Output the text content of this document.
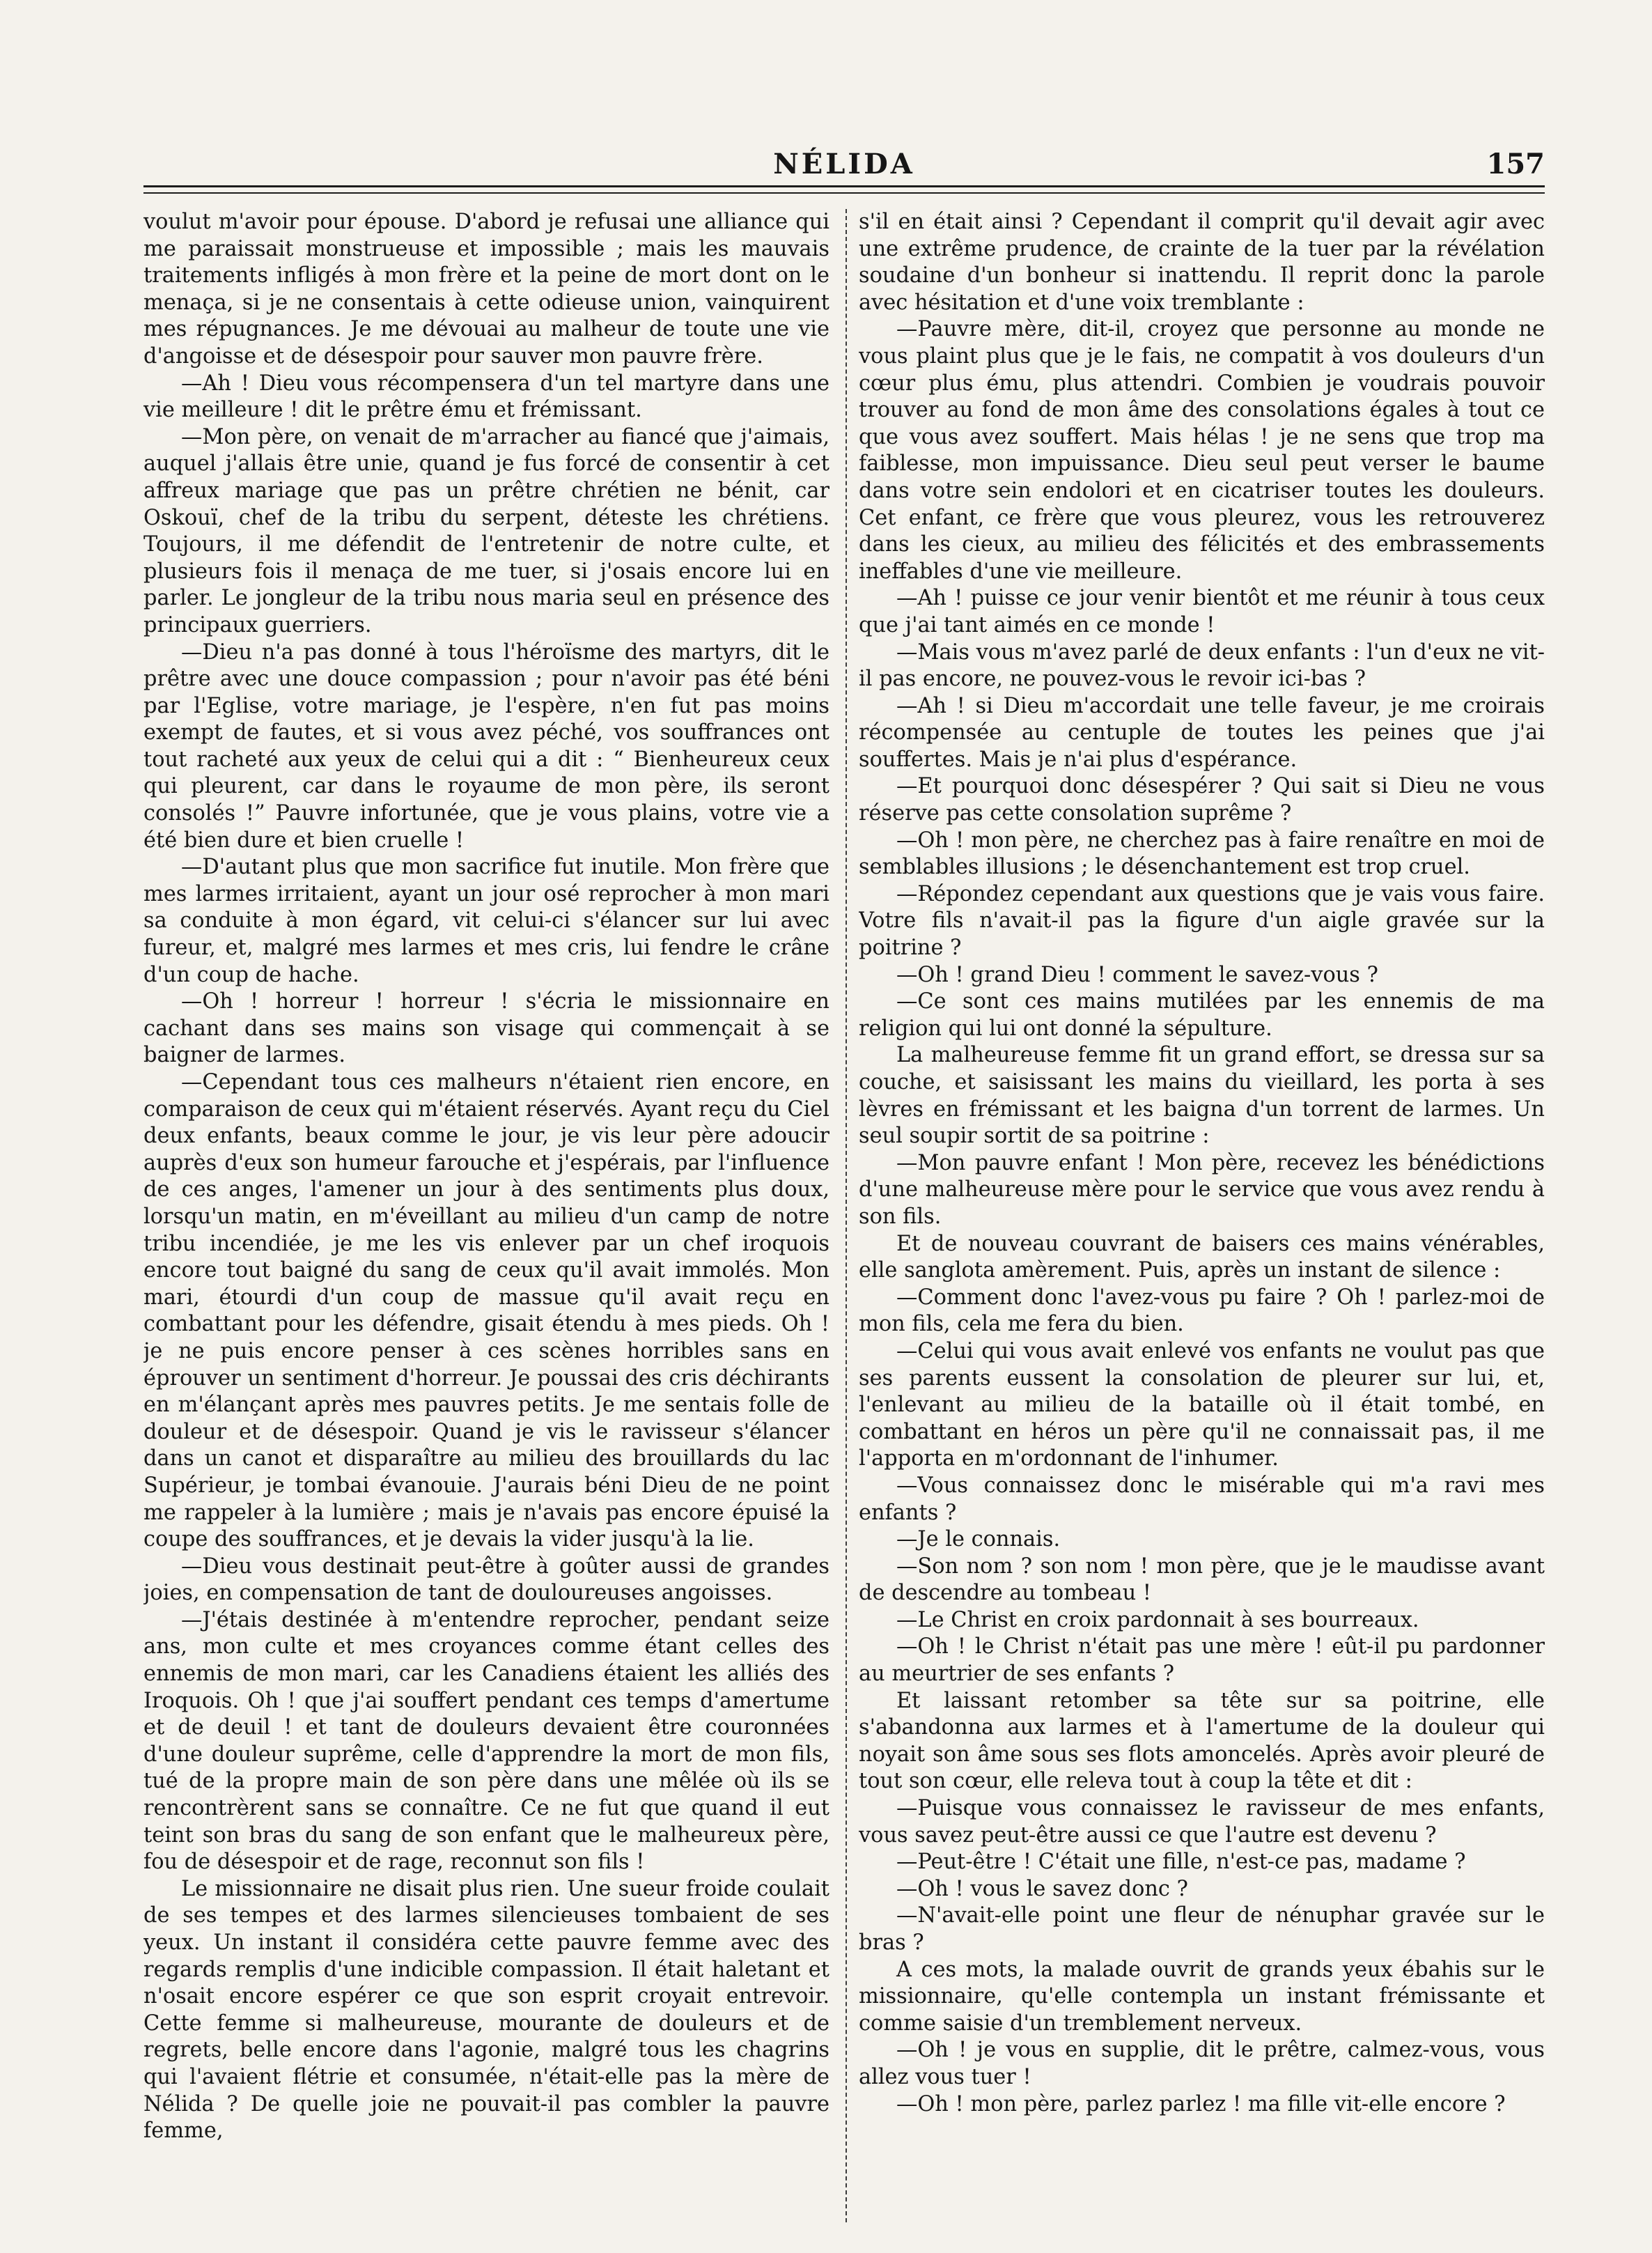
NÉLIDA	157

voulut m'avoir pour épouse. D'abord je refusai une alliance qui me paraissait monstrueuse et impossible ; mais les mauvais traitements infligés à mon frère et la peine de mort dont on le menaça, si je ne consentais à cette odieuse union, vainquirent mes répugnances. Je me dévouai au malheur de toute une vie d'angoisse et de désespoir pour sauver mon pauvre frère.

—Ah ! Dieu vous récompensera d'un tel martyre dans une vie meilleure ! dit le prêtre ému et frémissant.

—Mon père, on venait de m'arracher au fiancé que j'aimais, auquel j'allais être unie, quand je fus forcé de consentir à cet affreux mariage que pas un prêtre chrétien ne bénit, car Oskouï, chef de la tribu du serpent, déteste les chrétiens. Toujours, il me défendit de l'entretenir de notre culte, et plusieurs fois il menaça de me tuer, si j'osais encore lui en parler. Le jongleur de la tribu nous maria seul en présence des principaux guerriers.

—Dieu n'a pas donné à tous l'héroïsme des martyrs, dit le prêtre avec une douce compassion ; pour n'avoir pas été béni par l'Eglise, votre mariage, je l'espère, n'en fut pas moins exempt de fautes, et si vous avez péché, vos souffrances ont tout racheté aux yeux de celui qui a dit : “ Bienheureux ceux qui pleurent, car dans le royaume de mon père, ils seront consolés !” Pauvre infortunée, que je vous plains, votre vie a été bien dure et bien cruelle !

—D'autant plus que mon sacrifice fut inutile. Mon frère que mes larmes irritaient, ayant un jour osé reprocher à mon mari sa conduite à mon égard, vit celui-ci s'élancer sur lui avec fureur, et, malgré mes larmes et mes cris, lui fendre le crâne d'un coup de hache.

—Oh ! horreur ! horreur ! s'écria le missionnaire en cachant dans ses mains son visage qui commençait à se baigner de larmes.

—Cependant tous ces malheurs n'étaient rien encore, en comparaison de ceux qui m'étaient réservés. Ayant reçu du Ciel deux enfants, beaux comme le jour, je vis leur père adoucir auprès d'eux son humeur farouche et j'espérais, par l'influence de ces anges, l'amener un jour à des sentiments plus doux, lorsqu'un matin, en m'éveillant au milieu d'un camp de notre tribu incendiée, je me les vis enlever par un chef iroquois encore tout baigné du sang de ceux qu'il avait immolés. Mon mari, étourdi d'un coup de massue qu'il avait reçu en combattant pour les défendre, gisait étendu à mes pieds. Oh ! je ne puis encore penser à ces scènes horribles sans en éprouver un sentiment d'horreur. Je poussai des cris déchirants en m'élançant après mes pauvres petits. Je me sentais folle de douleur et de désespoir. Quand je vis le ravisseur s'élancer dans un canot et disparaître au milieu des brouillards du lac Supérieur, je tombai évanouie. J'aurais béni Dieu de ne point me rappeler à la lumière ; mais je n'avais pas encore épuisé la coupe des souffrances, et je devais la vider jusqu'à la lie.

—Dieu vous destinait peut-être à goûter aussi de grandes joies, en compensation de tant de douloureuses angoisses.

—J'étais destinée à m'entendre reprocher, pendant seize ans, mon culte et mes croyances comme étant celles des ennemis de mon mari, car les Canadiens étaient les alliés des Iroquois. Oh ! que j'ai souffert pendant ces temps d'amertume et de deuil ! et tant de douleurs devaient être couronnées d'une douleur suprême, celle d'apprendre la mort de mon fils, tué de la propre main de son père dans une mêlée où ils se rencontrèrent sans se connaître. Ce ne fut que quand il eut teint son bras du sang de son enfant que le malheureux père, fou de désespoir et de rage, reconnut son fils !

Le missionnaire ne disait plus rien. Une sueur froide coulait de ses tempes et des larmes silencieuses tombaient de ses yeux. Un instant il considéra cette pauvre femme avec des regards remplis d'une indicible compassion. Il était haletant et n'osait encore espérer ce que son esprit croyait entrevoir. Cette femme si malheureuse, mourante de douleurs et de regrets, belle encore dans l'agonie, malgré tous les chagrins qui l'avaient flétrie et consumée, n'était-elle pas la mère de Nélida ? De quelle joie ne pouvait-il pas combler la pauvre femme,

s'il en était ainsi ? Cependant il comprit qu'il devait agir avec une extrême prudence, de crainte de la tuer par la révélation soudaine d'un bonheur si inattendu. Il reprit donc la parole avec hésitation et d'une voix tremblante :

—Pauvre mère, dit-il, croyez que personne au monde ne vous plaint plus que je le fais, ne compatit à vos douleurs d'un cœur plus ému, plus attendri. Combien je voudrais pouvoir trouver au fond de mon âme des consolations égales à tout ce que vous avez souffert. Mais hélas ! je ne sens que trop ma faiblesse, mon impuissance. Dieu seul peut verser le baume dans votre sein endolori et en cicatriser toutes les douleurs. Cet enfant, ce frère que vous pleurez, vous les retrouverez dans les cieux, au milieu des félicités et des embrassements ineffables d'une vie meilleure.

—Ah ! puisse ce jour venir bientôt et me réunir à tous ceux que j'ai tant aimés en ce monde !

—Mais vous m'avez parlé de deux enfants : l'un d'eux ne vit-il pas encore, ne pouvez-vous le revoir ici-bas ?

—Ah ! si Dieu m'accordait une telle faveur, je me croirais récompensée au centuple de toutes les peines que j'ai souffertes. Mais je n'ai plus d'espérance.

—Et pourquoi donc désespérer ? Qui sait si Dieu ne vous réserve pas cette consolation suprême ?

—Oh ! mon père, ne cherchez pas à faire renaître en moi de semblables illusions ; le désenchantement est trop cruel.

—Répondez cependant aux questions que je vais vous faire. Votre fils n'avait-il pas la figure d'un aigle gravée sur la poitrine ?

—Oh ! grand Dieu ! comment le savez-vous ?

—Ce sont ces mains mutilées par les ennemis de ma religion qui lui ont donné la sépulture.

La malheureuse femme fit un grand effort, se dressa sur sa couche, et saisissant les mains du vieillard, les porta à ses lèvres en frémissant et les baigna d'un torrent de larmes. Un seul soupir sortit de sa poitrine :

—Mon pauvre enfant ! Mon père, recevez les bénédictions d'une malheureuse mère pour le service que vous avez rendu à son fils.

Et de nouveau couvrant de baisers ces mains vénérables, elle sanglota amèrement. Puis, après un instant de silence :

—Comment donc l'avez-vous pu faire ? Oh ! parlez-moi de mon fils, cela me fera du bien.

—Celui qui vous avait enlevé vos enfants ne voulut pas que ses parents eussent la consolation de pleurer sur lui, et, l'enlevant au milieu de la bataille où il était tombé, en combattant en héros un père qu'il ne connaissait pas, il me l'apporta en m'ordonnant de l'inhumer.

—Vous connaissez donc le misérable qui m'a ravi mes enfants ?

—Je le connais.

—Son nom ? son nom ! mon père, que je le maudisse avant de descendre au tombeau !

—Le Christ en croix pardonnait à ses bourreaux.

—Oh ! le Christ n'était pas une mère ! eût-il pu pardonner au meurtrier de ses enfants ?

Et laissant retomber sa tête sur sa poitrine, elle s'abandonna aux larmes et à l'amertume de la douleur qui noyait son âme sous ses flots amoncelés. Après avoir pleuré de tout son cœur, elle releva tout à coup la tête et dit :

—Puisque vous connaissez le ravisseur de mes enfants, vous savez peut-être aussi ce que l'autre est devenu ?

—Peut-être ! C'était une fille, n'est-ce pas, madame ?

—Oh ! vous le savez donc ?

—N'avait-elle point une fleur de nénuphar gravée sur le bras ?

A ces mots, la malade ouvrit de grands yeux ébahis sur le missionnaire, qu'elle contempla un instant frémissante et comme saisie d'un tremblement nerveux.

—Oh ! je vous en supplie, dit le prêtre, calmez-vous, vous allez vous tuer !

—Oh ! mon père, parlez parlez ! ma fille vit-elle encore ?
